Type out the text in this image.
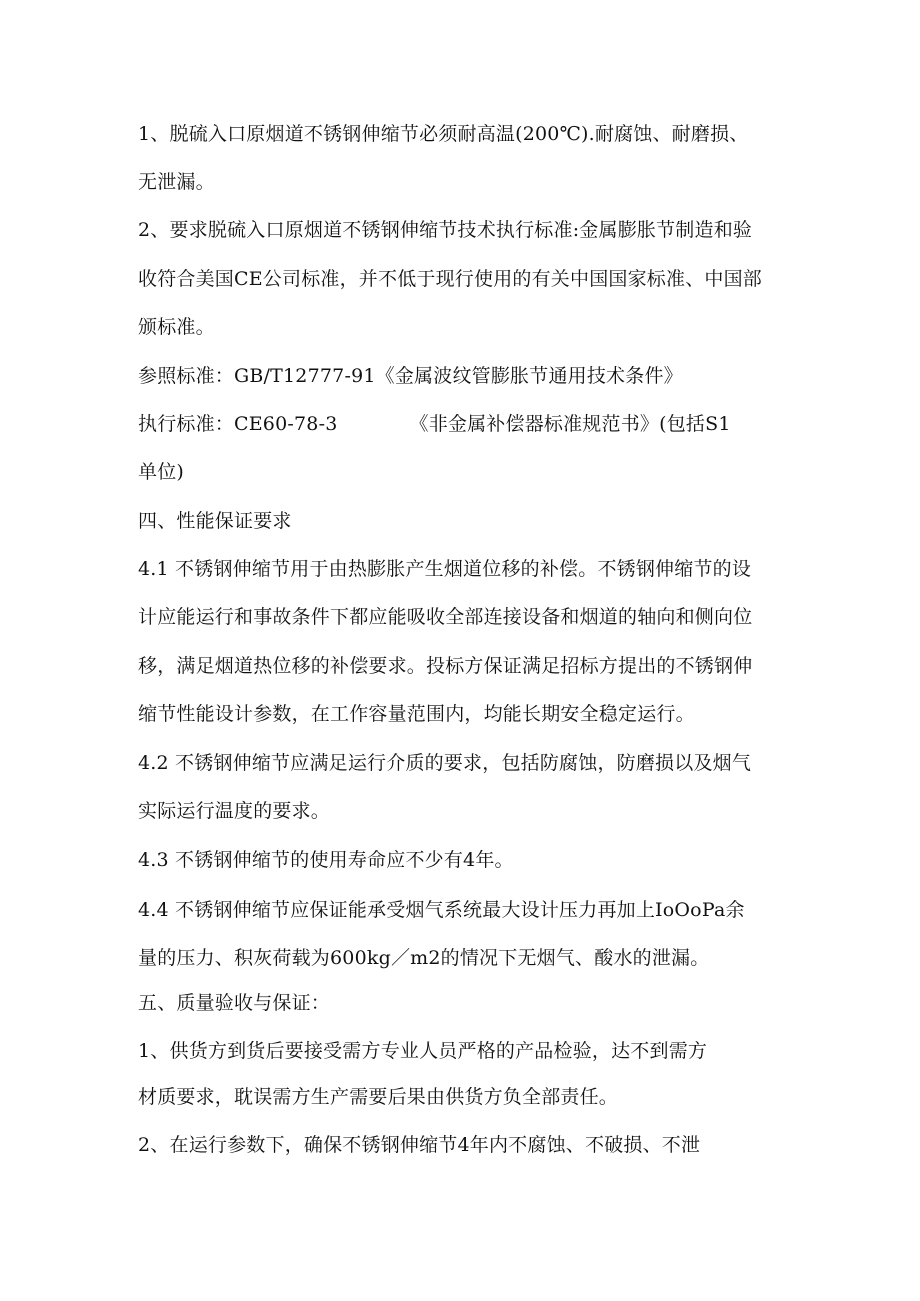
1、脱硫入口原烟道不锈钢伸缩节必须耐高温(200℃).耐腐蚀、耐磨损、
无泄漏。
2、要求脱硫入口原烟道不锈钢伸缩节技术执行标准:金属膨胀节制造和验
收符合美国CE公司标准，并不低于现行使用的有关中国国家标准、中国部
颁标准。
参照标准：GB/T12777-91《金属波纹管膨胀节通用技术条件》
执行标准：CE60-78-3	《非金属补偿器标准规范书》(包括S1
单位)
四、性能保证要求
4.1 不锈钢伸缩节用于由热膨胀产生烟道位移的补偿。不锈钢伸缩节的设
计应能运行和事故条件下都应能吸收全部连接设备和烟道的轴向和侧向位
移，满足烟道热位移的补偿要求。投标方保证满足招标方提出的不锈钢伸
缩节性能设计参数，在工作容量范围内，均能长期安全稳定运行。
4.2 不锈钢伸缩节应满足运行介质的要求，包括防腐蚀，防磨损以及烟气
实际运行温度的要求。
4.3 不锈钢伸缩节的使用寿命应不少有4年。
4.4 不锈钢伸缩节应保证能承受烟气系统最大设计压力再加上IoOoPa余
量的压力、积灰荷载为600kg／m2的情况下无烟气、酸水的泄漏。
五、质量验收与保证：
1、供货方到货后要接受需方专业人员严格的产品检验，达不到需方
材质要求，耽误需方生产需要后果由供货方负全部责任。
2、在运行参数下，确保不锈钢伸缩节4年内不腐蚀、不破损、不泄
